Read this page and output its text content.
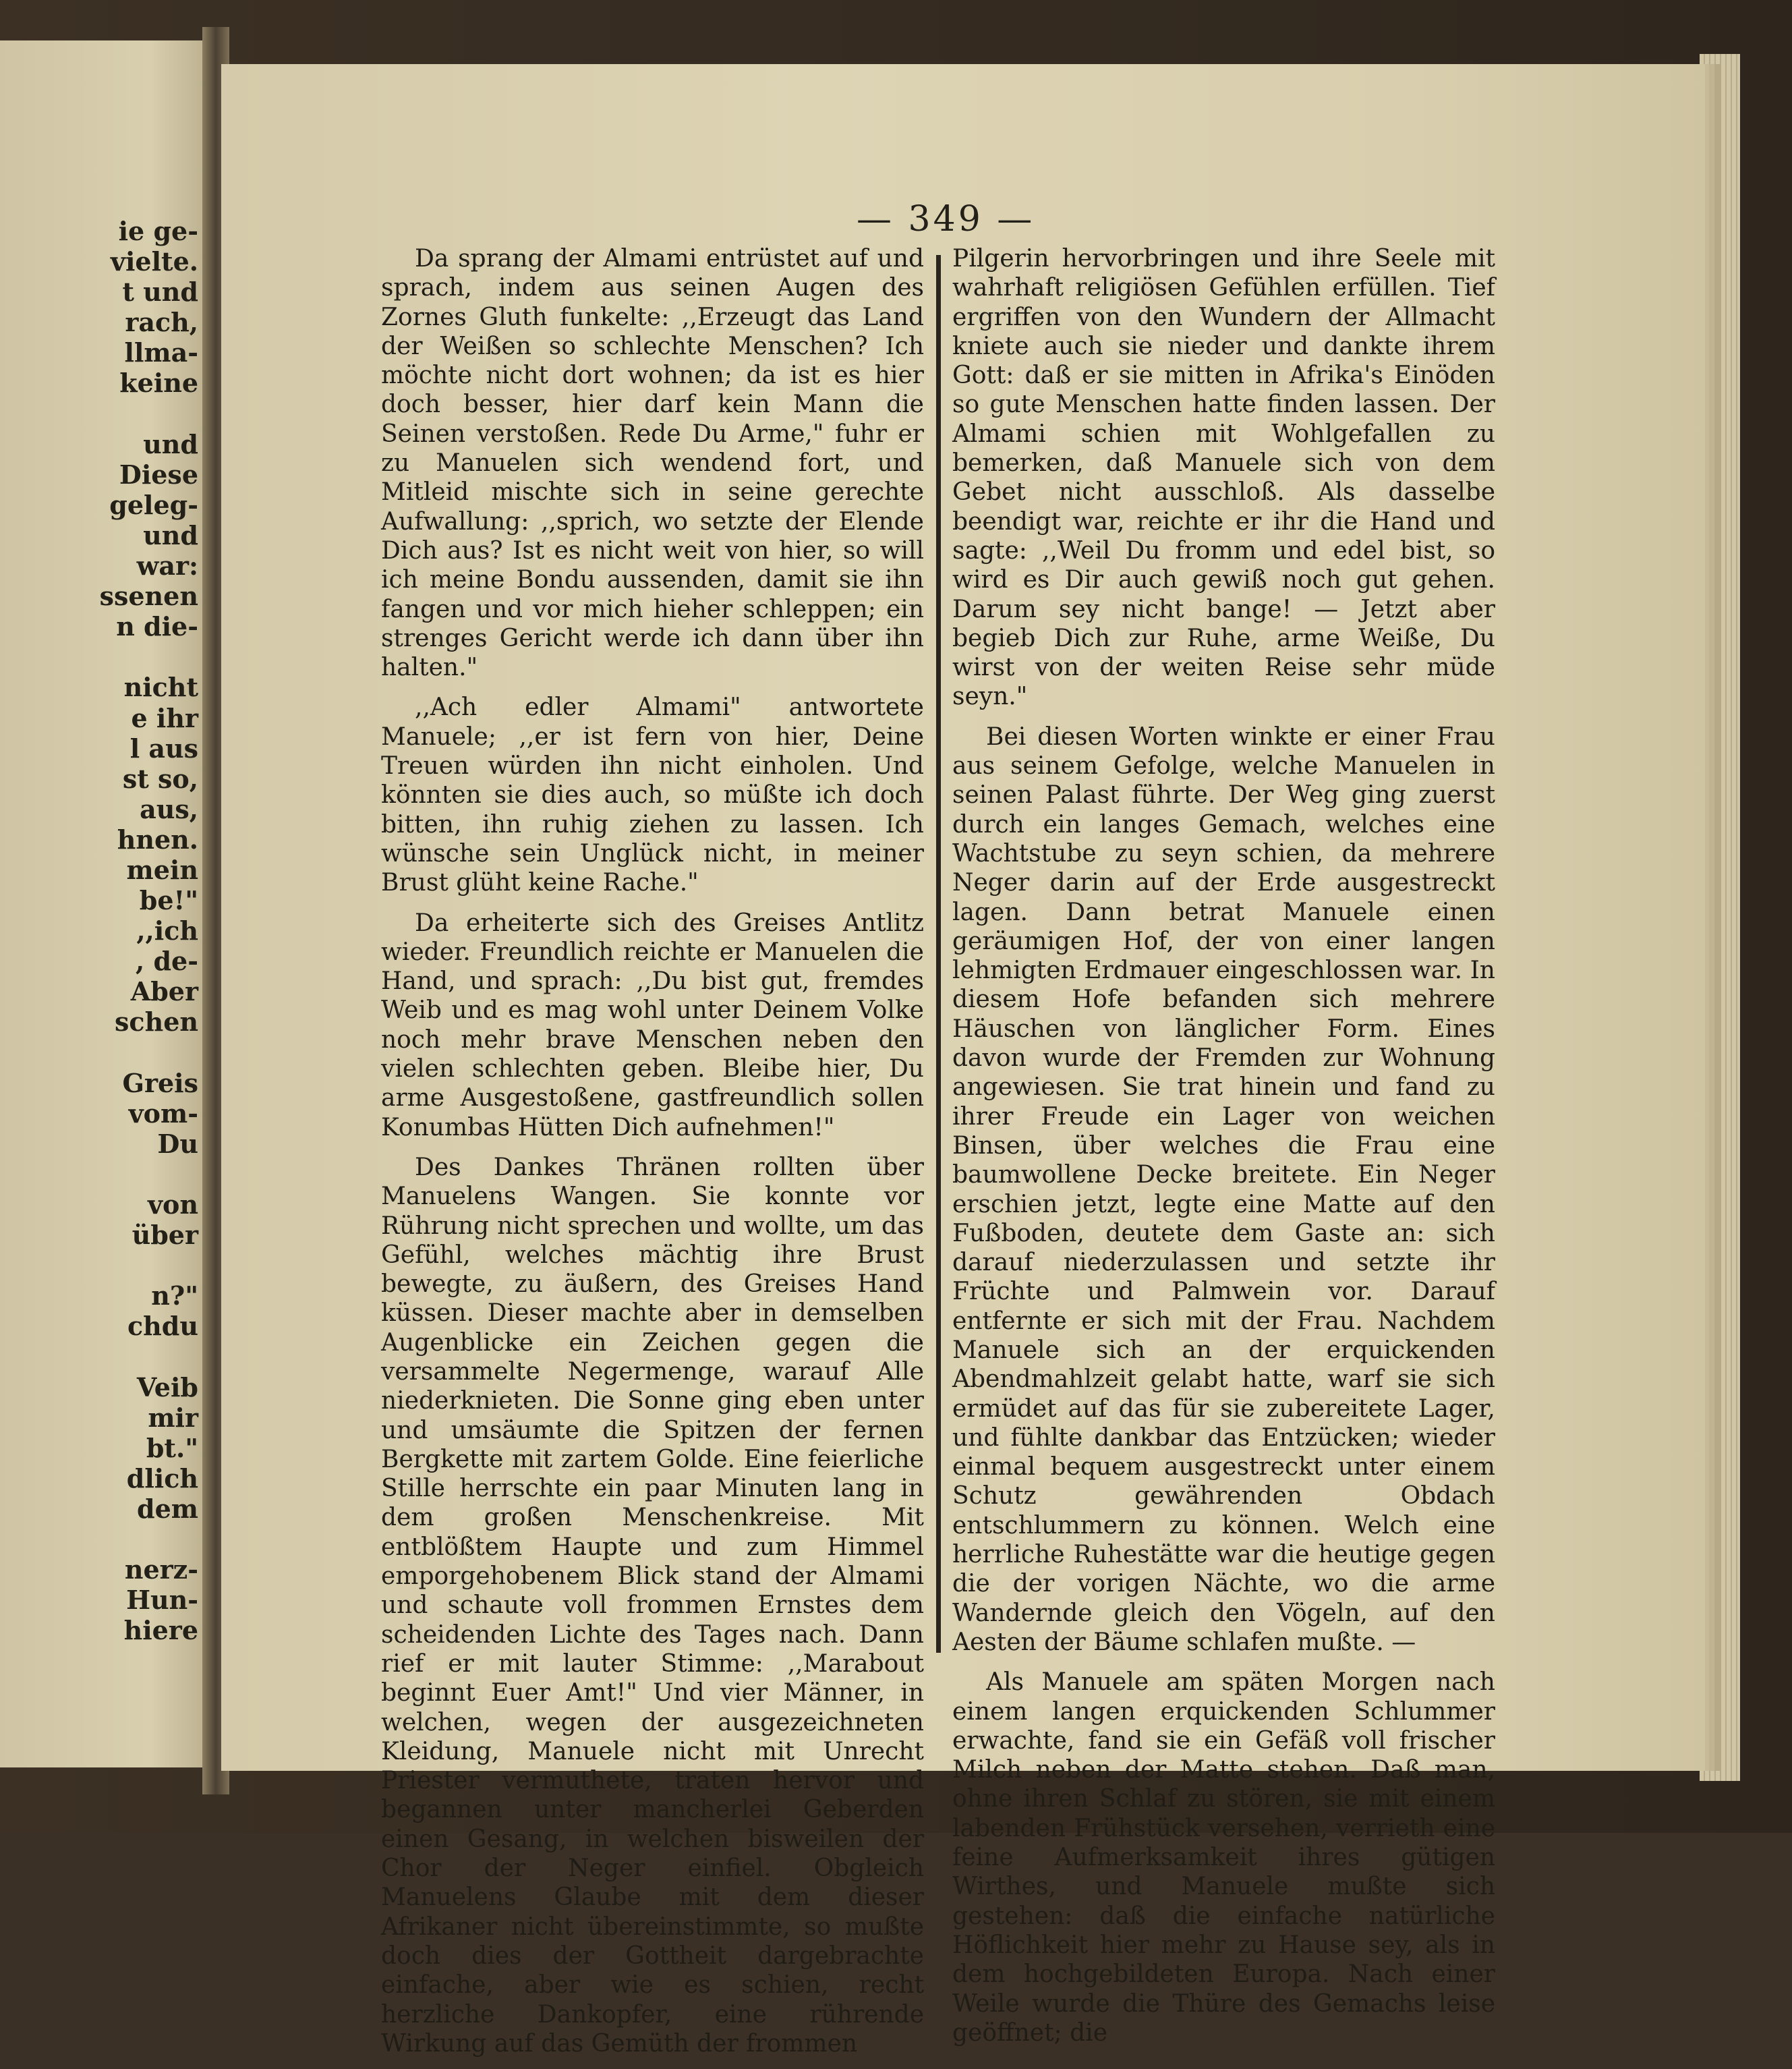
ie ge-
vielte.
t und
rach,
llma-
keine

und
Diese
geleg-
und
war:
ssenen
n die-

nicht
e ihr
l aus
st so,
aus,
hnen.
mein
be!"
,,ich
, de-
Aber
schen

Greis
vom-
Du

von
über

n?"
chdu

Veib
mir
bt."
dlich
dem

nerz-
Hun-
hiere
— 349 —

Da sprang der Almami entrüstet auf und sprach, indem aus seinen Augen des Zornes Gluth funkelte: ,,Erzeugt das Land der Weißen so schlechte Menschen? Ich möchte nicht dort wohnen; da ist es hier doch besser, hier darf kein Mann die Seinen verstoßen. Rede Du Arme," fuhr er zu Manuelen sich wendend fort, und Mitleid mischte sich in seine gerechte Aufwallung: ,,sprich, wo setzte der Elende Dich aus? Ist es nicht weit von hier, so will ich meine Bondu aussenden, damit sie ihn fangen und vor mich hieher schleppen; ein strenges Gericht werde ich dann über ihn halten."

,,Ach edler Almami" antwortete Manuele; ,,er ist fern von hier, Deine Treuen würden ihn nicht einholen. Und könnten sie dies auch, so müßte ich doch bitten, ihn ruhig ziehen zu lassen. Ich wünsche sein Unglück nicht, in meiner Brust glüht keine Rache."

Da erheiterte sich des Greises Antlitz wieder. Freundlich reichte er Manuelen die Hand, und sprach: ,,Du bist gut, fremdes Weib und es mag wohl unter Deinem Volke noch mehr brave Menschen neben den vielen schlechten geben. Bleibe hier, Du arme Ausgestoßene, gastfreundlich sollen Konumbas Hütten Dich aufnehmen!"

Des Dankes Thränen rollten über Manuelens Wangen. Sie konnte vor Rührung nicht sprechen und wollte, um das Gefühl, welches mächtig ihre Brust bewegte, zu äußern, des Greises Hand küssen. Dieser machte aber in demselben Augenblicke ein Zeichen gegen die versammelte Negermenge, warauf Alle niederknieten. Die Sonne ging eben unter und umsäumte die Spitzen der fernen Bergkette mit zartem Golde. Eine feierliche Stille herrschte ein paar Minuten lang in dem großen Menschenkreise. Mit entblößtem Haupte und zum Himmel emporgehobenem Blick stand der Almami und schaute voll frommen Ernstes dem scheidenden Lichte des Tages nach. Dann rief er mit lauter Stimme: ,,Marabout beginnt Euer Amt!" Und vier Männer, in welchen, wegen der ausgezeichneten Kleidung, Manuele nicht mit Unrecht Priester vermuthete, traten hervor und begannen unter mancherlei Geberden einen Gesang, in welchen bisweilen der Chor der Neger einfiel. Obgleich Manuelens Glaube mit dem dieser Afrikaner nicht übereinstimmte, so mußte doch dies der Gottheit dargebrachte einfache, aber wie es schien, recht herzliche Dankopfer, eine rührende Wirkung auf das Gemüth der frommen

Pilgerin hervorbringen und ihre Seele mit wahrhaft religiösen Gefühlen erfüllen. Tief ergriffen von den Wundern der Allmacht kniete auch sie nieder und dankte ihrem Gott: daß er sie mitten in Afrika's Einöden so gute Menschen hatte finden lassen. Der Almami schien mit Wohlgefallen zu bemerken, daß Manuele sich von dem Gebet nicht ausschloß. Als dasselbe beendigt war, reichte er ihr die Hand und sagte: ,,Weil Du fromm und edel bist, so wird es Dir auch gewiß noch gut gehen. Darum sey nicht bange! — Jetzt aber begieb Dich zur Ruhe, arme Weiße, Du wirst von der weiten Reise sehr müde seyn."

Bei diesen Worten winkte er einer Frau aus seinem Gefolge, welche Manuelen in seinen Palast führte. Der Weg ging zuerst durch ein langes Gemach, welches eine Wachtstube zu seyn schien, da mehrere Neger darin auf der Erde ausgestreckt lagen. Dann betrat Manuele einen geräumigen Hof, der von einer langen lehmigten Erdmauer eingeschlossen war. In diesem Hofe befanden sich mehrere Häuschen von länglicher Form. Eines davon wurde der Fremden zur Wohnung angewiesen. Sie trat hinein und fand zu ihrer Freude ein Lager von weichen Binsen, über welches die Frau eine baumwollene Decke breitete. Ein Neger erschien jetzt, legte eine Matte auf den Fußboden, deutete dem Gaste an: sich darauf niederzulassen und setzte ihr Früchte und Palmwein vor. Darauf entfernte er sich mit der Frau. Nachdem Manuele sich an der erquickenden Abendmahlzeit gelabt hatte, warf sie sich ermüdet auf das für sie zubereitete Lager, und fühlte dankbar das Entzücken; wieder einmal bequem ausgestreckt unter einem Schutz gewährenden Obdach entschlummern zu können. Welch eine herrliche Ruhestätte war die heutige gegen die der vorigen Nächte, wo die arme Wandernde gleich den Vögeln, auf den Aesten der Bäume schlafen mußte. —

Als Manuele am späten Morgen nach einem langen erquickenden Schlummer erwachte, fand sie ein Gefäß voll frischer Milch neben der Matte stehen. Daß man, ohne ihren Schlaf zu stören, sie mit einem labenden Frühstück versehen, verrieth eine feine Aufmerksamkeit ihres gütigen Wirthes, und Manuele mußte sich gestehen: daß die einfache natürliche Höflichkeit hier mehr zu Hause sey, als in dem hochgebildeten Europa. Nach einer Weile wurde die Thüre des Gemachs leise geöffnet; die
